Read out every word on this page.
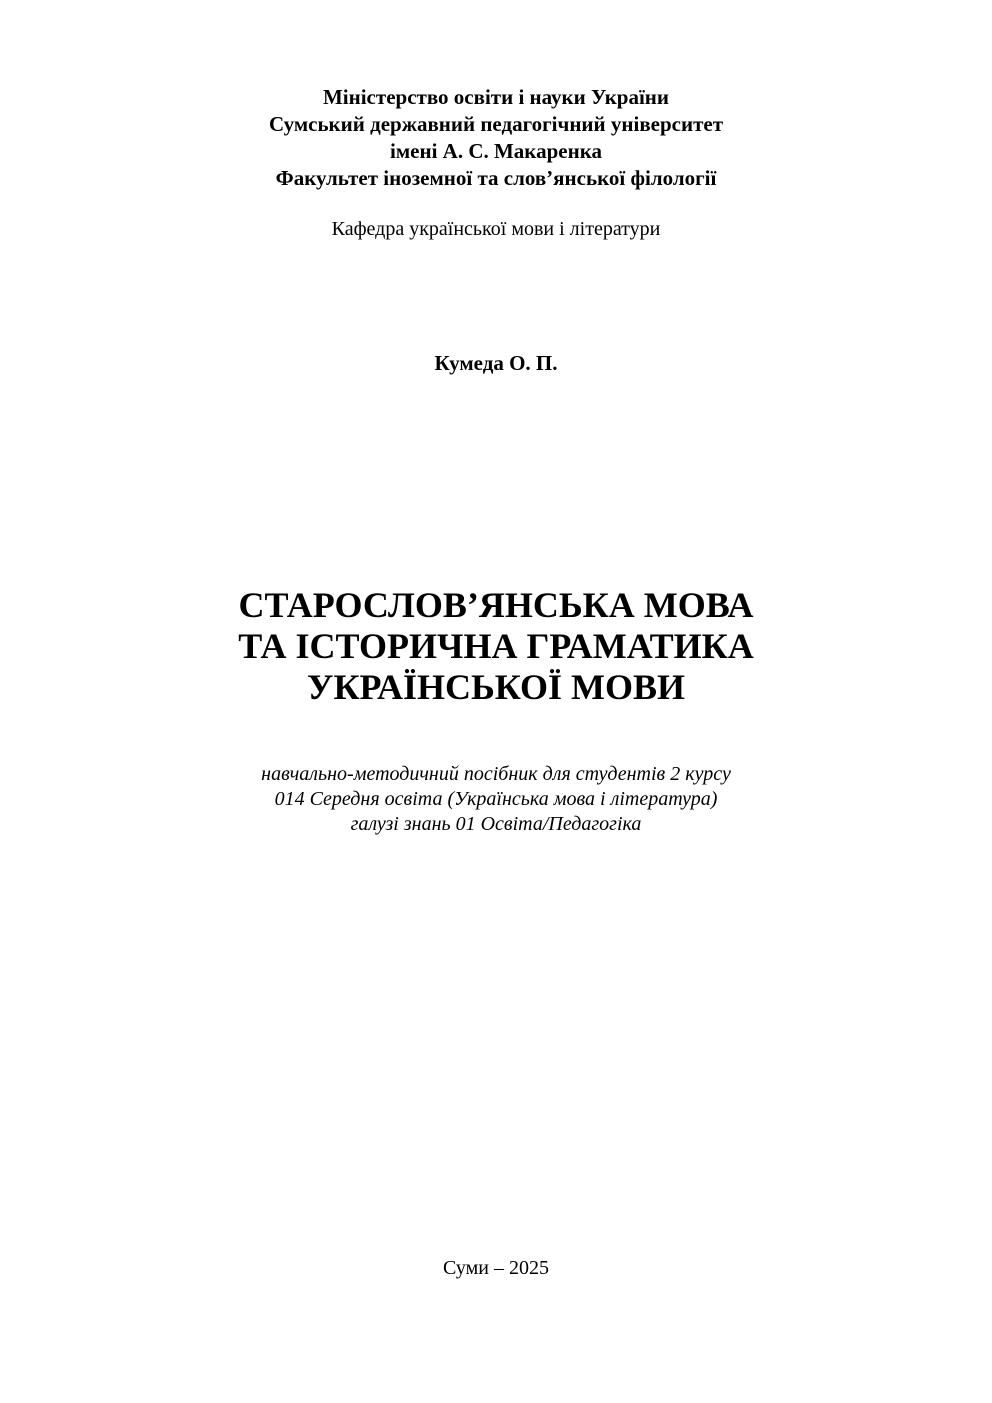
Міністерство освіти і науки України
Сумський державний педагогічний університет
імені А. С. Макаренка
Факультет іноземної та слов’янської філології
Кафедра української мови і літератури
Кумеда О. П.
СТАРОСЛОВ’ЯНСЬКА МОВА
ТА ІСТОРИЧНА ГРАМАТИКА
УКРАЇНСЬКОЇ МОВИ
навчально-методичний посібник для студентів 2 курсу
014 Середня освіта (Українська мова і література)
галузі знань 01 Освіта/Педагогіка
Суми – 2025
